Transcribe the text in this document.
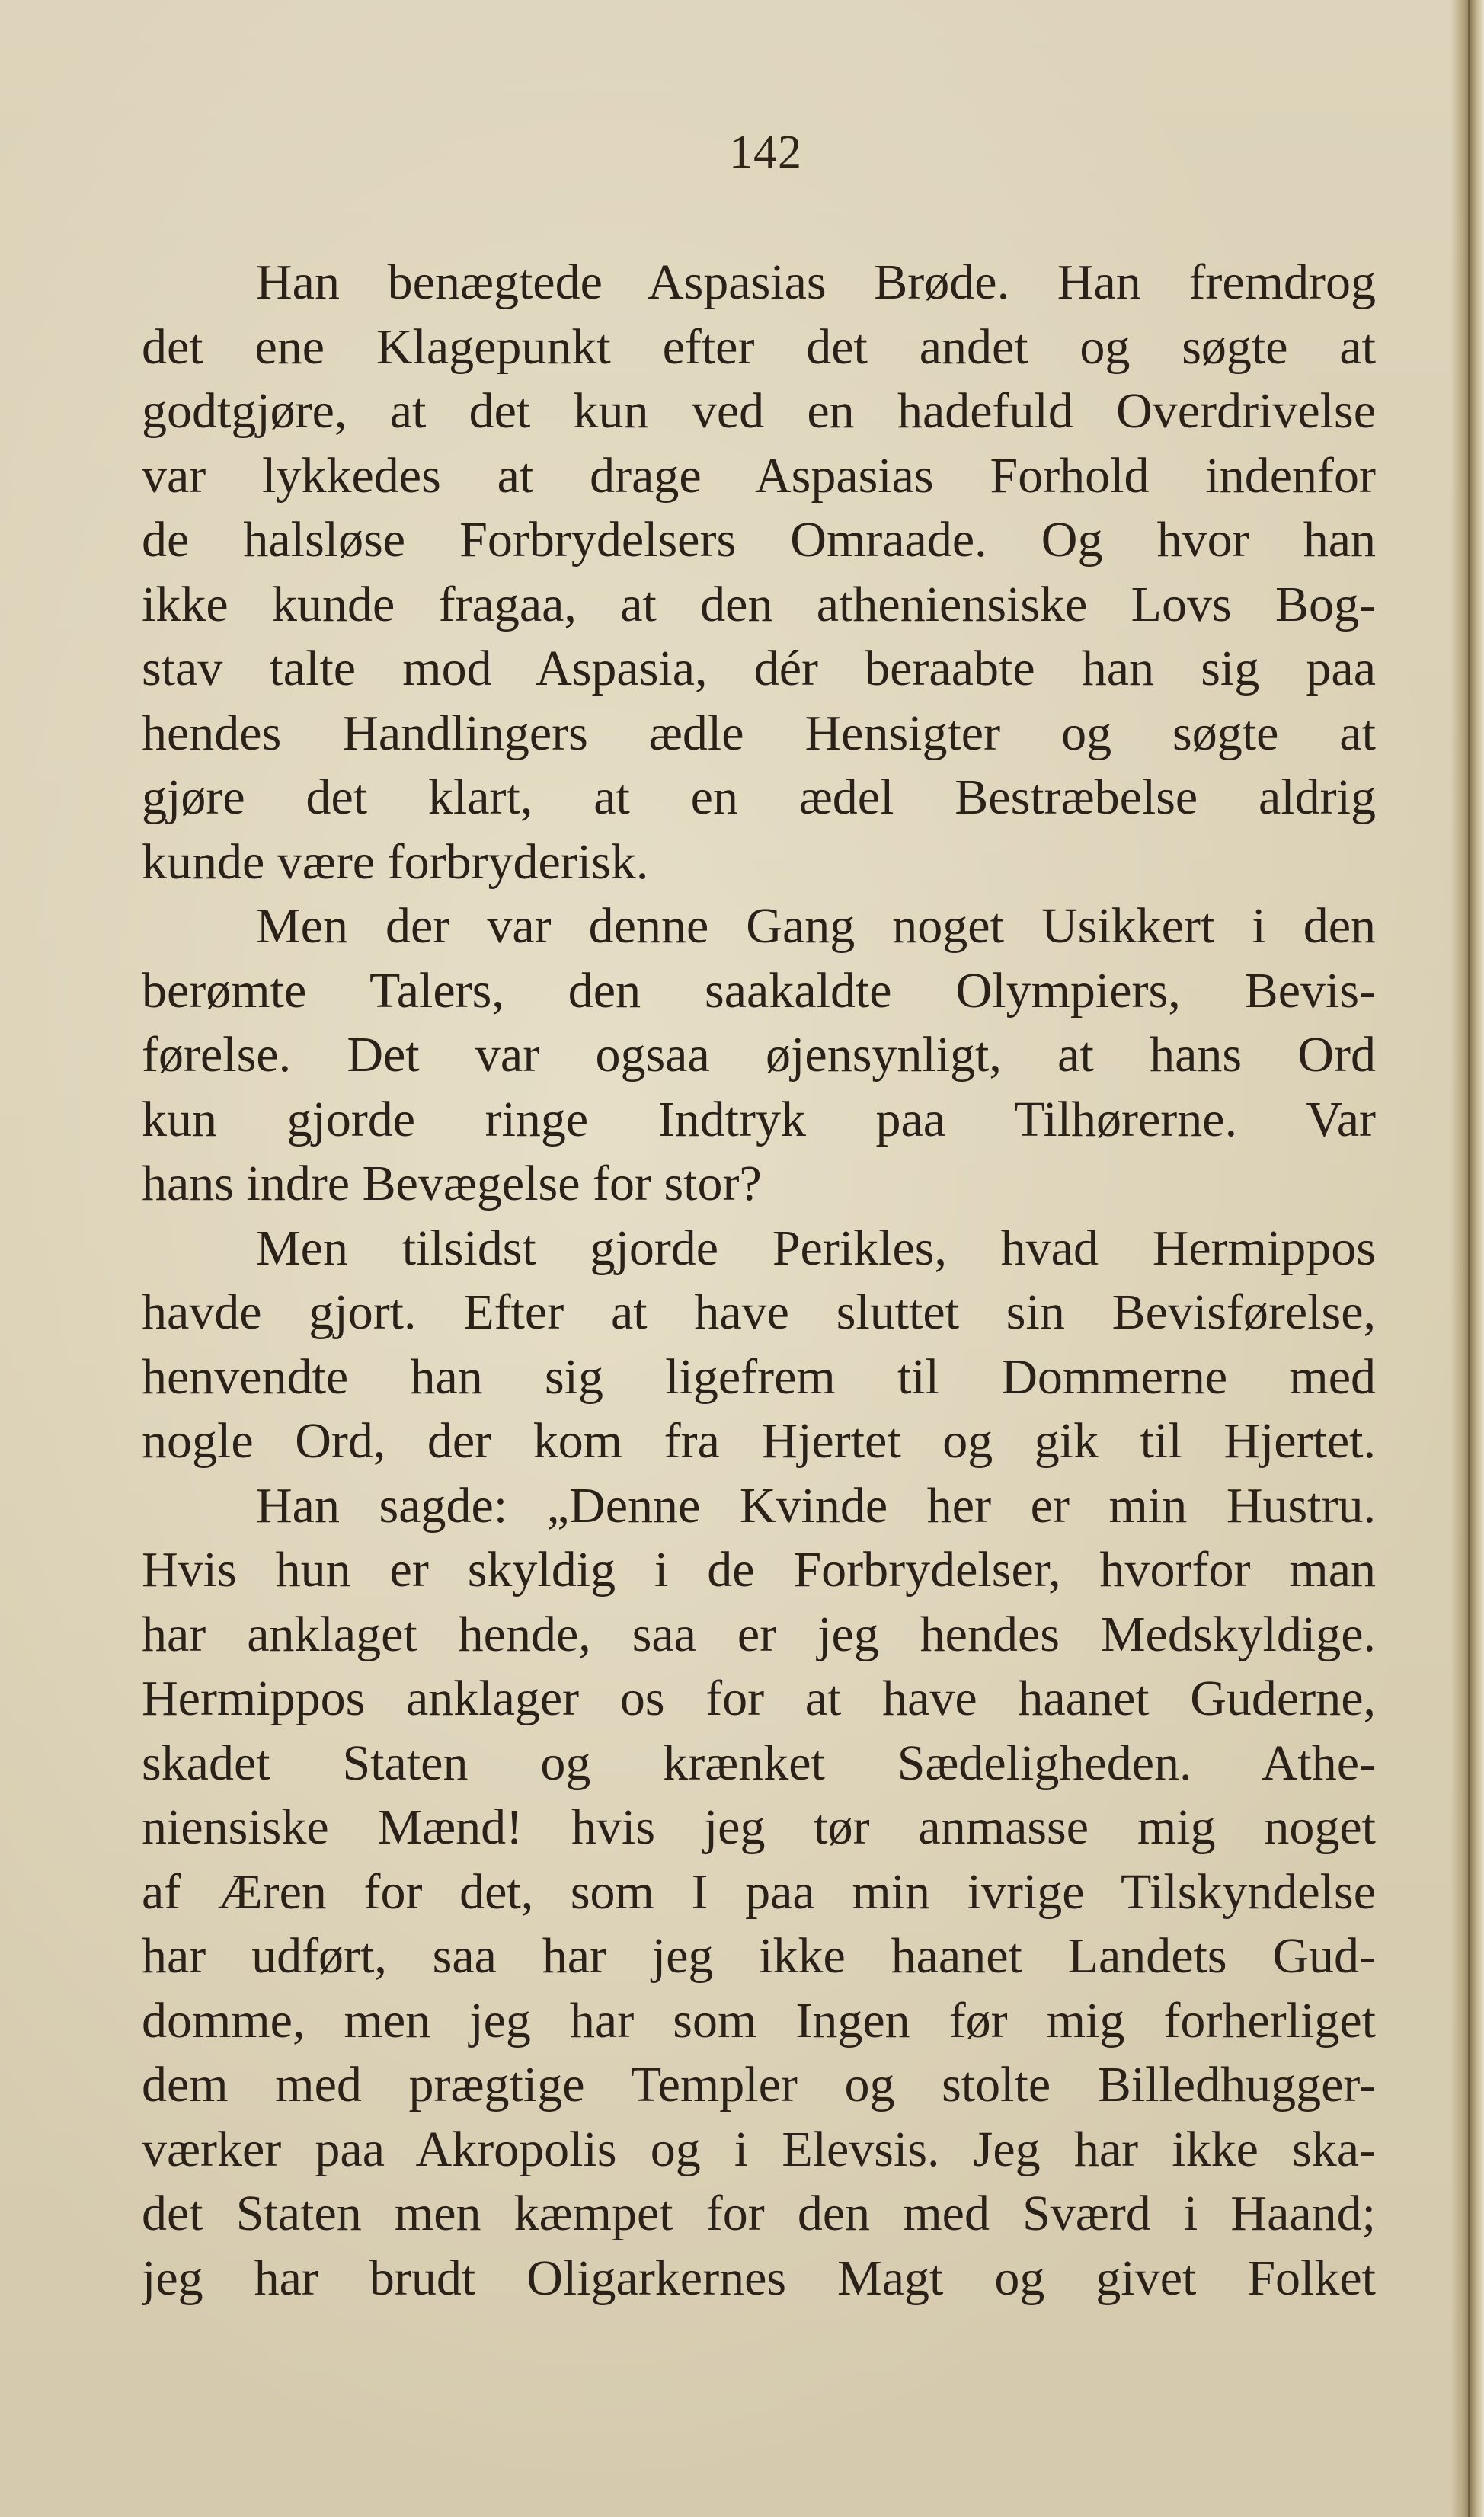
142
Han benægtede Aspasias Brøde. Han fremdrog
det ene Klagepunkt efter det andet og søgte at
godtgjøre, at det kun ved en hadefuld Overdrivelse
var lykkedes at drage Aspasias Forhold indenfor
de halsløse Forbrydelsers Omraade. Og hvor han
ikke kunde fragaa, at den atheniensiske Lovs Bog-
stav talte mod Aspasia, dér beraabte han sig paa
hendes Handlingers ædle Hensigter og søgte at
gjøre det klart, at en ædel Bestræbelse aldrig
kunde være forbryderisk.
Men der var denne Gang noget Usikkert i den
berømte Talers, den saakaldte Olympiers, Bevis-
førelse. Det var ogsaa øjensynligt, at hans Ord
kun gjorde ringe Indtryk paa Tilhørerne. Var
hans indre Bevægelse for stor?
Men tilsidst gjorde Perikles, hvad Hermippos
havde gjort. Efter at have sluttet sin Bevisførelse,
henvendte han sig ligefrem til Dommerne med
nogle Ord, der kom fra Hjertet og gik til Hjertet.
Han sagde: „Denne Kvinde her er min Hustru.
Hvis hun er skyldig i de Forbrydelser, hvorfor man
har anklaget hende, saa er jeg hendes Medskyldige.
Hermippos anklager os for at have haanet Guderne,
skadet Staten og krænket Sædeligheden. Athe-
niensiske Mænd! hvis jeg tør anmasse mig noget
af Æren for det, som I paa min ivrige Tilskyndelse
har udført, saa har jeg ikke haanet Landets Gud-
domme, men jeg har som Ingen før mig forherliget
dem med prægtige Templer og stolte Billedhugger-
værker paa Akropolis og i Elevsis. Jeg har ikke ska-
det Staten men kæmpet for den med Sværd i Haand;
jeg har brudt Oligarkernes Magt og givet Folket
